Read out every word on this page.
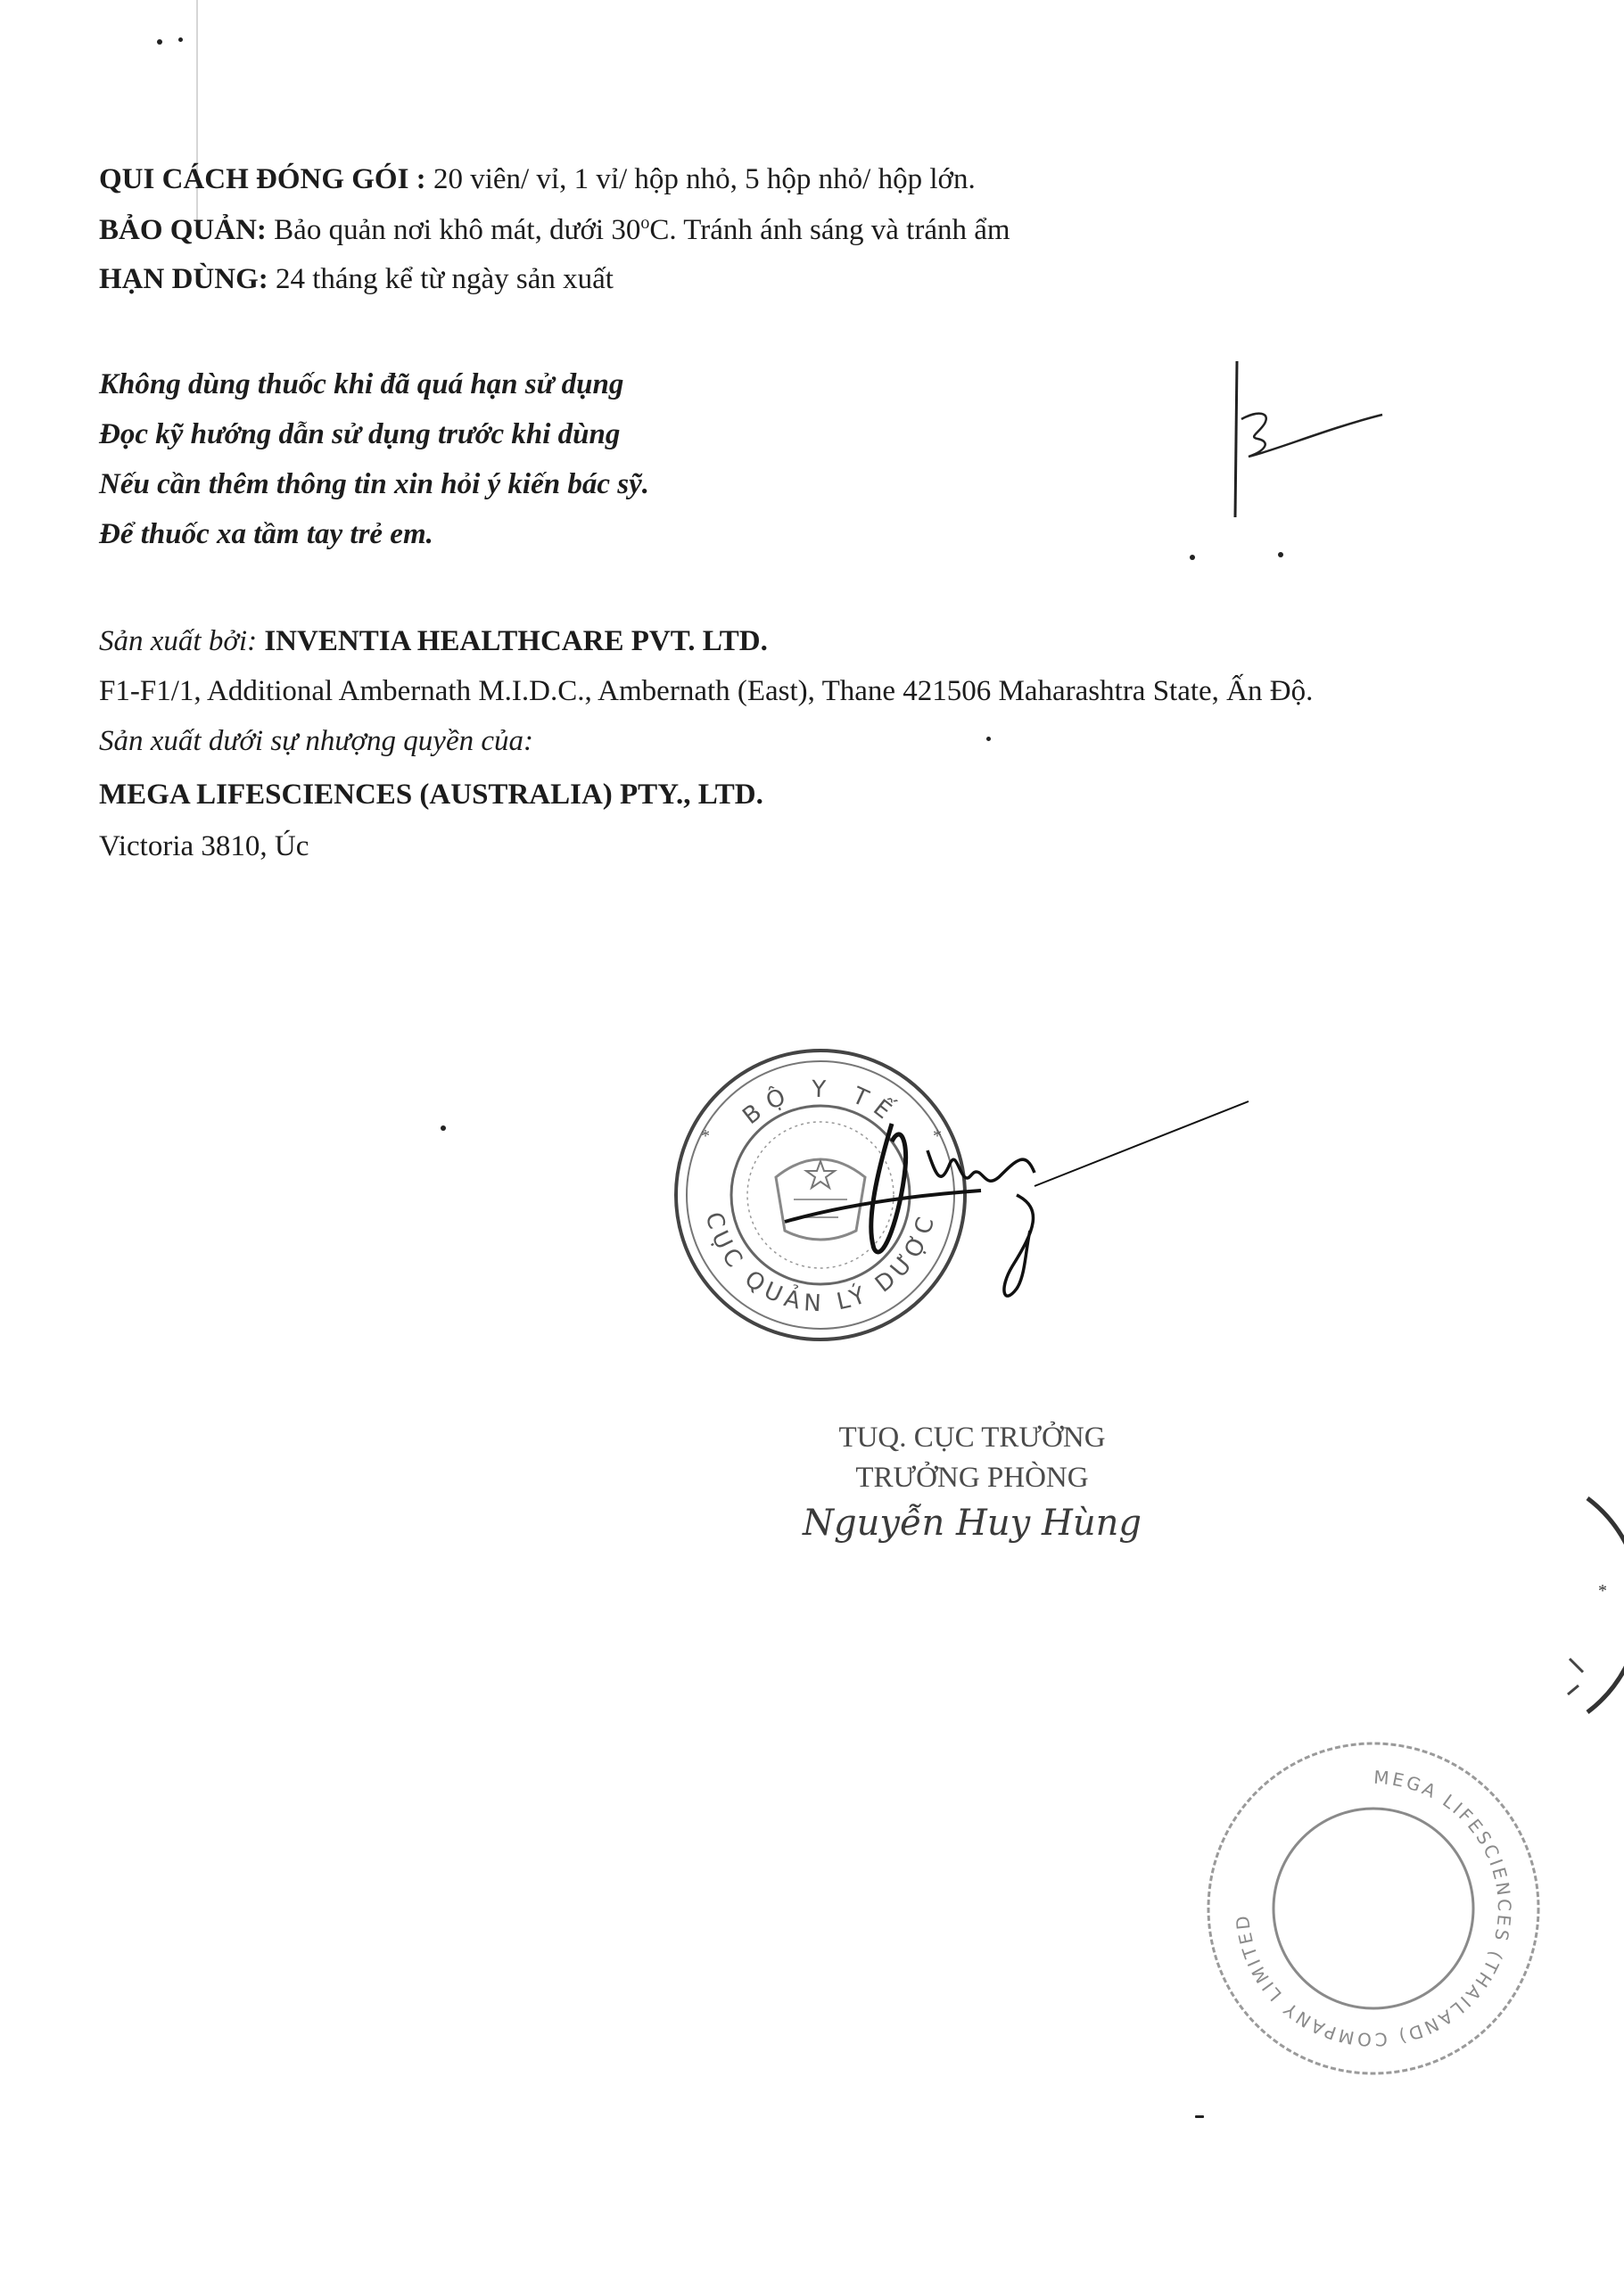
QUI CÁCH ĐÓNG GÓI : 20 viên/ vỉ, 1 vỉ/ hộp nhỏ, 5 hộp nhỏ/ hộp lớn.
BẢO QUẢN: Bảo quản nơi khô mát, dưới 30$^o$C. Tránh ánh sáng và tránh ẩm
HẠN DÙNG: 24 tháng kể từ ngày sản xuất
Không dùng thuốc khi đã quá hạn sử dụng
Đọc kỹ hướng dẫn sử dụng trước khi dùng
Nếu cần thêm thông tin xin hỏi ý kiến bác sỹ.
Để thuốc xa tầm tay trẻ em.
Sản xuất bởi: INVENTIA HEALTHCARE PVT. LTD.
F1-F1/1, Additional Ambernath M.I.D.C., Ambernath (East), Thane 421506 Maharashtra State, Ấn Độ.
Sản xuất dưới sự nhượng quyền của:
MEGA LIFESCIENCES (AUSTRALIA) PTY., LTD.
Victoria 3810, Úc
BỘ Y TẾ
CỤC QUẢN LÝ DƯỢC
*	*
TUQ. CỤC TRƯỞNG
TRƯỞNG PHÒNG
Nguyễn Huy Hùng
*
MEGA LIFESCIENCES (THAILAND) COMPANY LIMITED
